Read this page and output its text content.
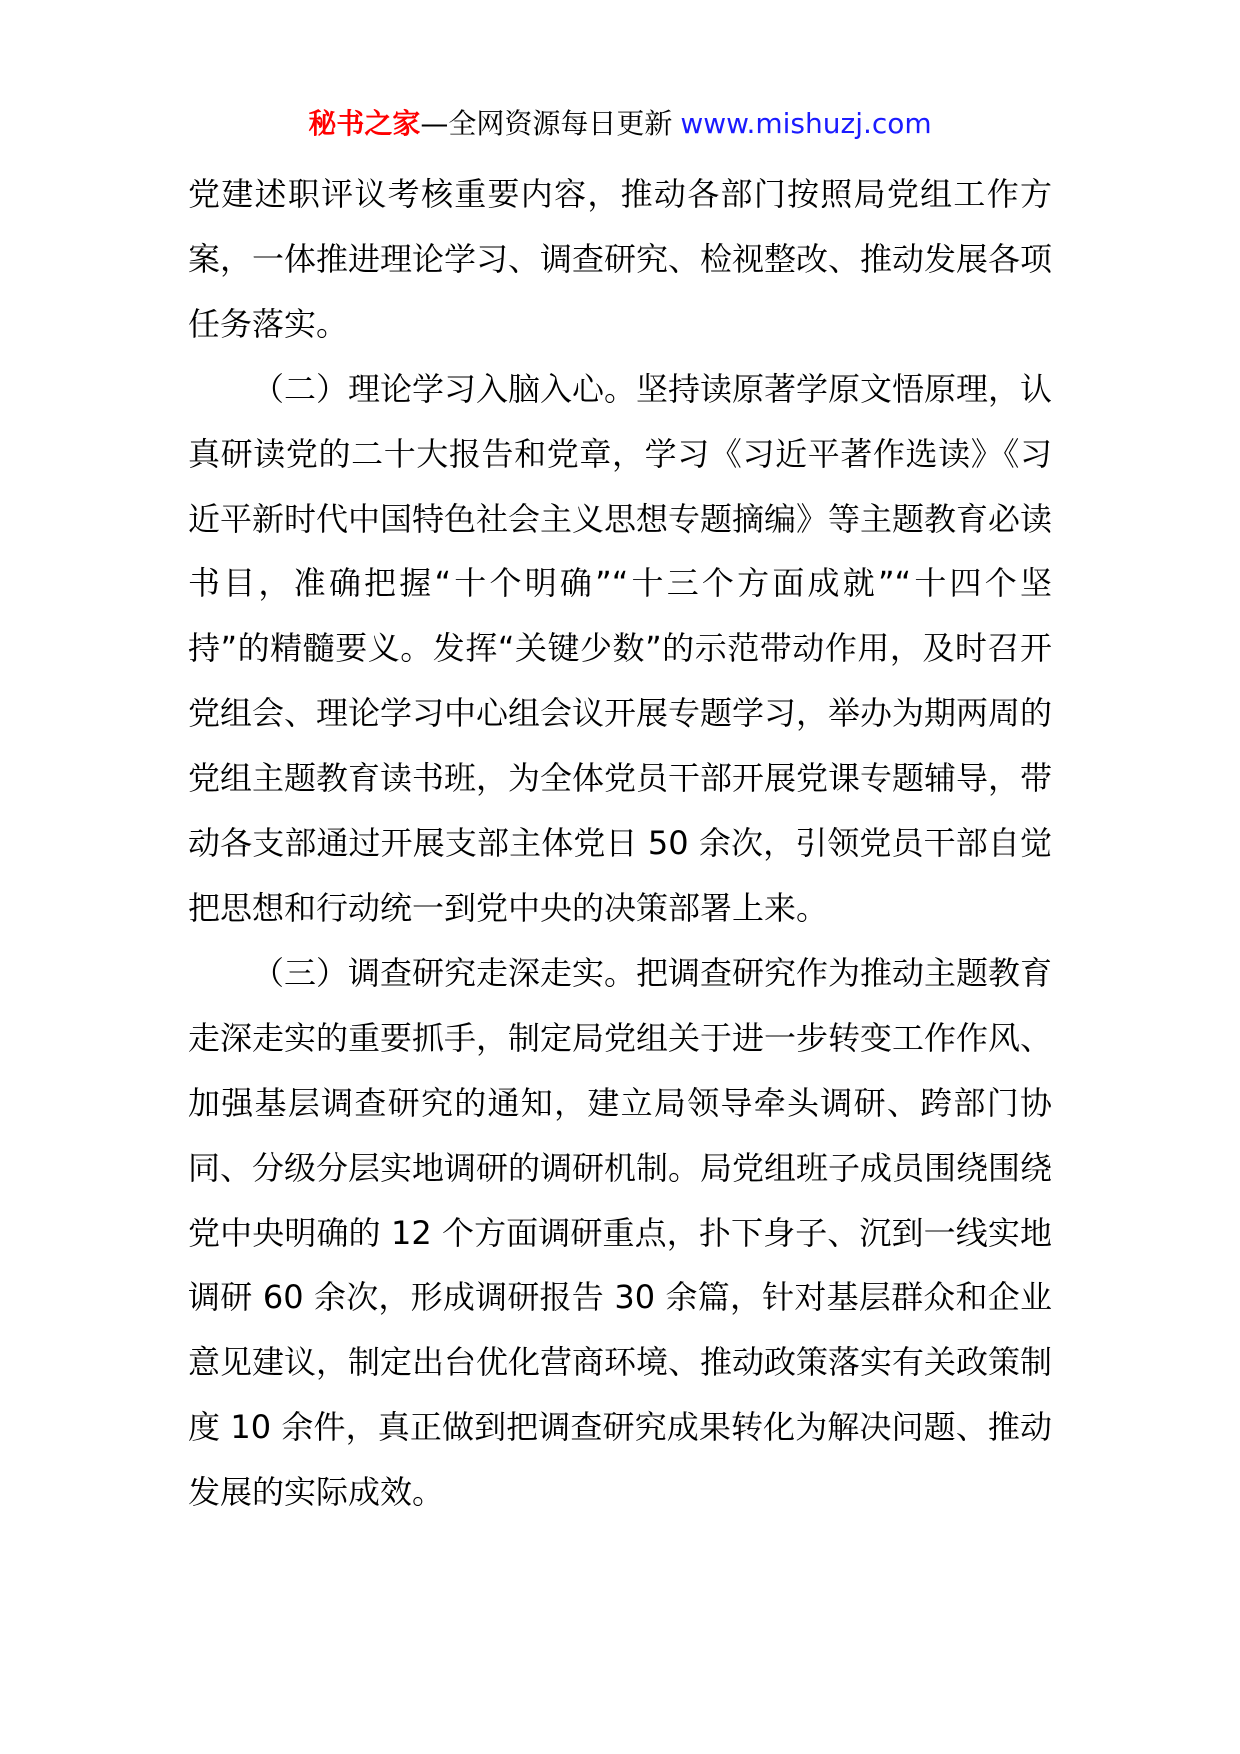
秘书之家—全网资源每日更新 www.mishuzj.com

党建述职评议考核重要内容，推动各部门按照局党组工作方案，一体推进理论学习、调查研究、检视整改、推动发展各项任务落实。

（二）理论学习入脑入心。坚持读原著学原文悟原理，认真研读党的二十大报告和党章，学习《习近平著作选读》《习近平新时代中国特色社会主义思想专题摘编》等主题教育必读书目，准确把握“十个明确”“十三个方面成就”“十四个坚持”的精髓要义。发挥“关键少数”的示范带动作用，及时召开党组会、理论学习中心组会议开展专题学习，举办为期两周的党组主题教育读书班，为全体党员干部开展党课专题辅导，带动各支部通过开展支部主体党日 50 余次，引领党员干部自觉把思想和行动统一到党中央的决策部署上来。

（三）调查研究走深走实。把调查研究作为推动主题教育走深走实的重要抓手，制定局党组关于进一步转变工作作风、加强基层调查研究的通知，建立局领导牵头调研、跨部门协同、分级分层实地调研的调研机制。局党组班子成员围绕围绕党中央明确的 12 个方面调研重点，扑下身子、沉到一线实地调研 60 余次，形成调研报告 30 余篇，针对基层群众和企业意见建议，制定出台优化营商环境、推动政策落实有关政策制度 10 余件，真正做到把调查研究成果转化为解决问题、推动发展的实际成效。
